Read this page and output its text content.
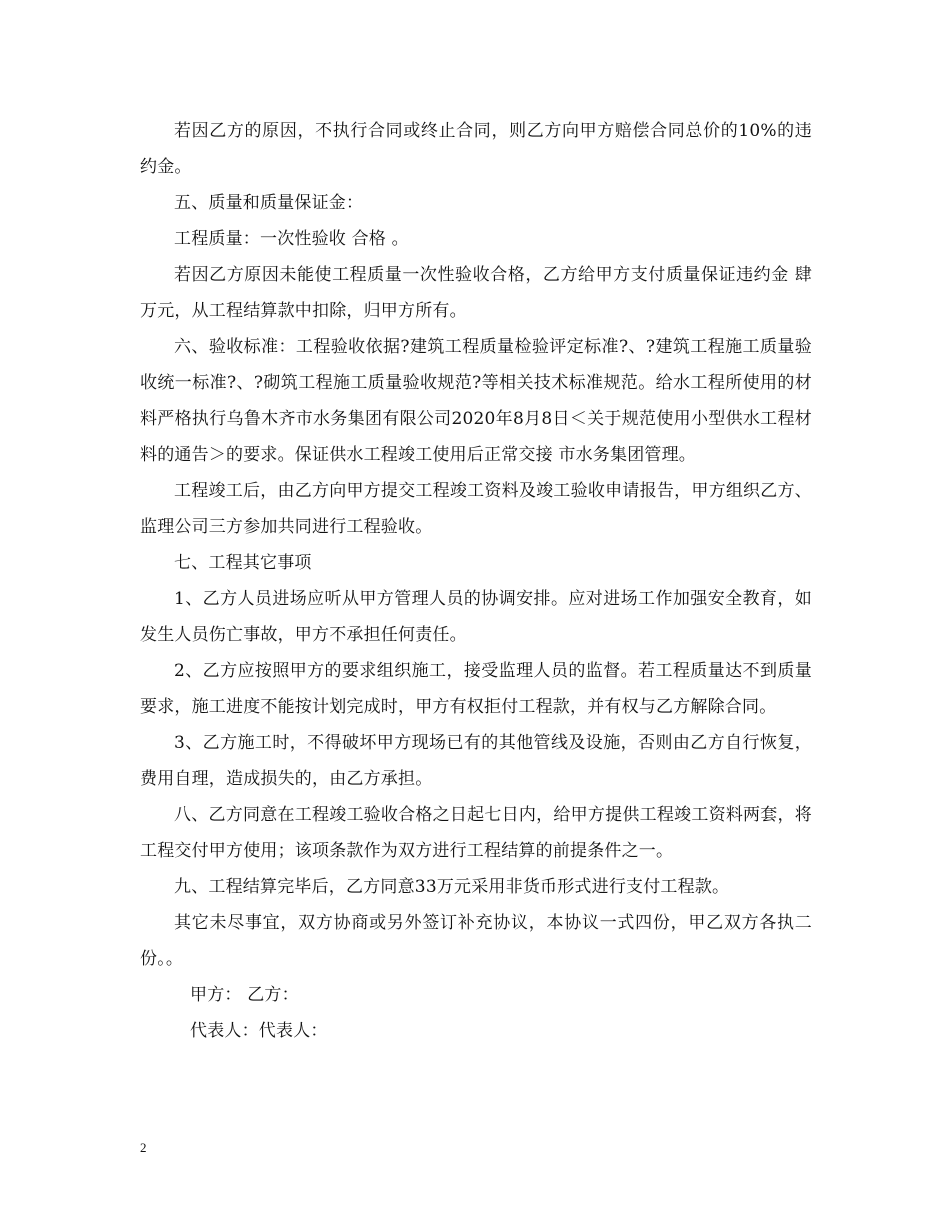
若因乙方的原因，不执行合同或终止合同，则乙方向甲方赔偿合同总价的10%的违约金。

五、质量和质量保证金：

工程质量：一次性验收 合格 。

若因乙方原因未能使工程质量一次性验收合格，乙方给甲方支付质量保证违约金 肆 万元，从工程结算款中扣除，归甲方所有。

六、验收标准：工程验收依据?建筑工程质量检验评定标准?、?建筑工程施工质量验收统一标准?、?砌筑工程施工质量验收规范?等相关技术标准规范。给水工程所使用的材料严格执行乌鲁木齐市水务集团有限公司2020年8月8日＜关于规范使用小型供水工程材料的通告＞的要求。保证供水工程竣工使用后正常交接 市水务集团管理。

工程竣工后，由乙方向甲方提交工程竣工资料及竣工验收申请报告，甲方组织乙方、监理公司三方参加共同进行工程验收。

七、工程其它事项

1、乙方人员进场应听从甲方管理人员的协调安排。应对进场工作加强安全教育，如发生人员伤亡事故，甲方不承担任何责任。

2、乙方应按照甲方的要求组织施工，接受监理人员的监督。若工程质量达不到质量要求，施工进度不能按计划完成时，甲方有权拒付工程款，并有权与乙方解除合同。

3、乙方施工时，不得破坏甲方现场已有的其他管线及设施，否则由乙方自行恢复，费用自理，造成损失的，由乙方承担。

八、乙方同意在工程竣工验收合格之日起七日内，给甲方提供工程竣工资料两套，将工程交付甲方使用；该项条款作为双方进行工程结算的前提条件之一。

九、工程结算完毕后，乙方同意33万元采用非货币形式进行支付工程款。

其它未尽事宜，双方协商或另外签订补充协议，本协议一式四份，甲乙双方各执二份。。

甲方： 乙方：

代表人：代表人：

2
